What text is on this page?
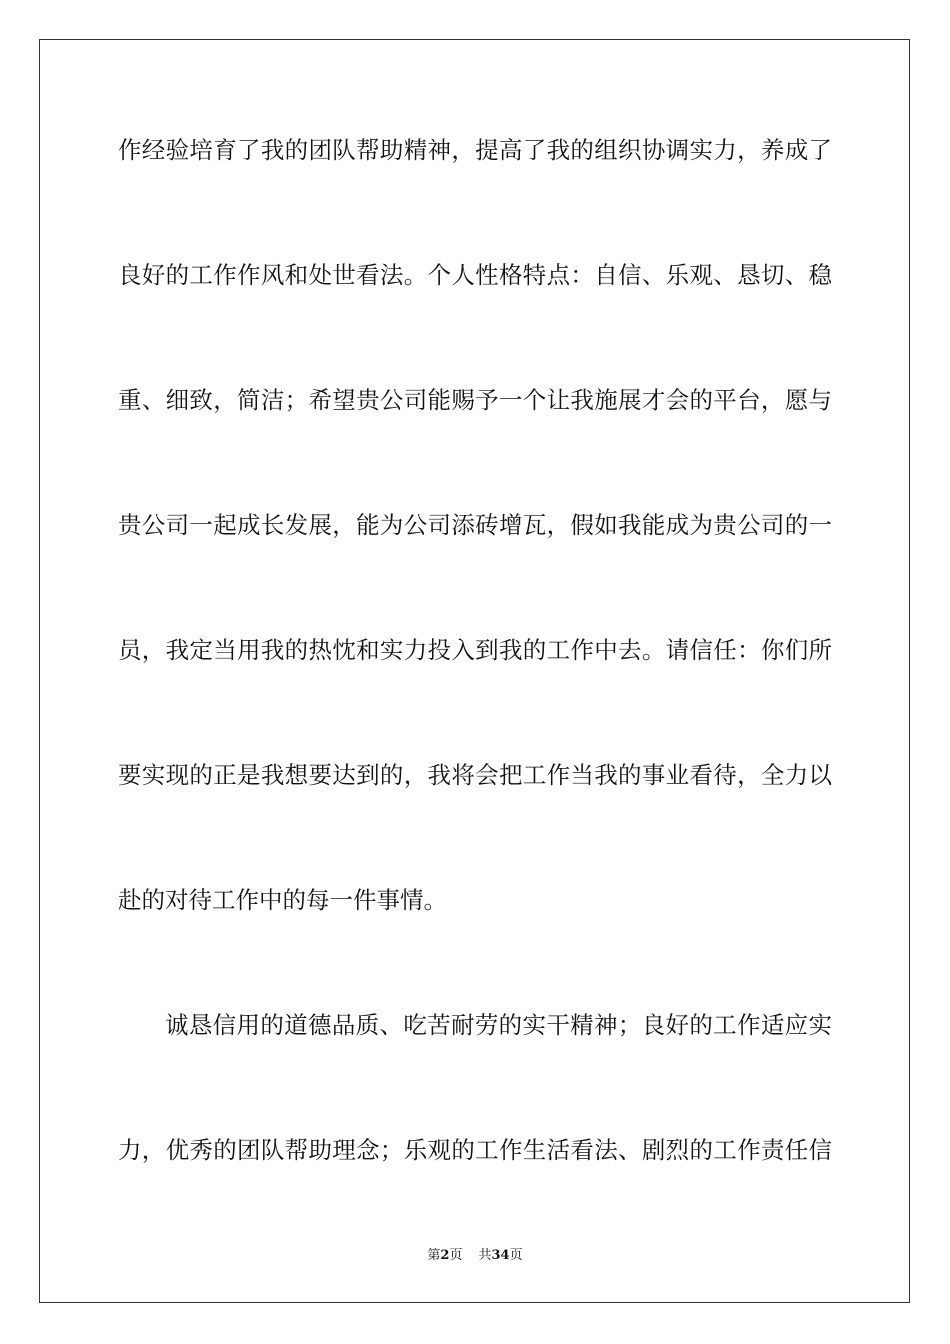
作经验培育了我的团队帮助精神，提高了我的组织协调实力，养成了
良好的工作作风和处世看法。个人性格特点：自信、乐观、恳切、稳
重、细致，简洁；希望贵公司能赐予一个让我施展才会的平台，愿与
贵公司一起成长发展，能为公司添砖增瓦，假如我能成为贵公司的一
员，我定当用我的热忱和实力投入到我的工作中去。请信任：你们所
要实现的正是我想要达到的，我将会把工作当我的事业看待，全力以
赴的对待工作中的每一件事情。
诚恳信用的道德品质、吃苦耐劳的实干精神；良好的工作适应实
力，优秀的团队帮助理念；乐观的工作生活看法、剧烈的工作责任信
第2页 共34页
